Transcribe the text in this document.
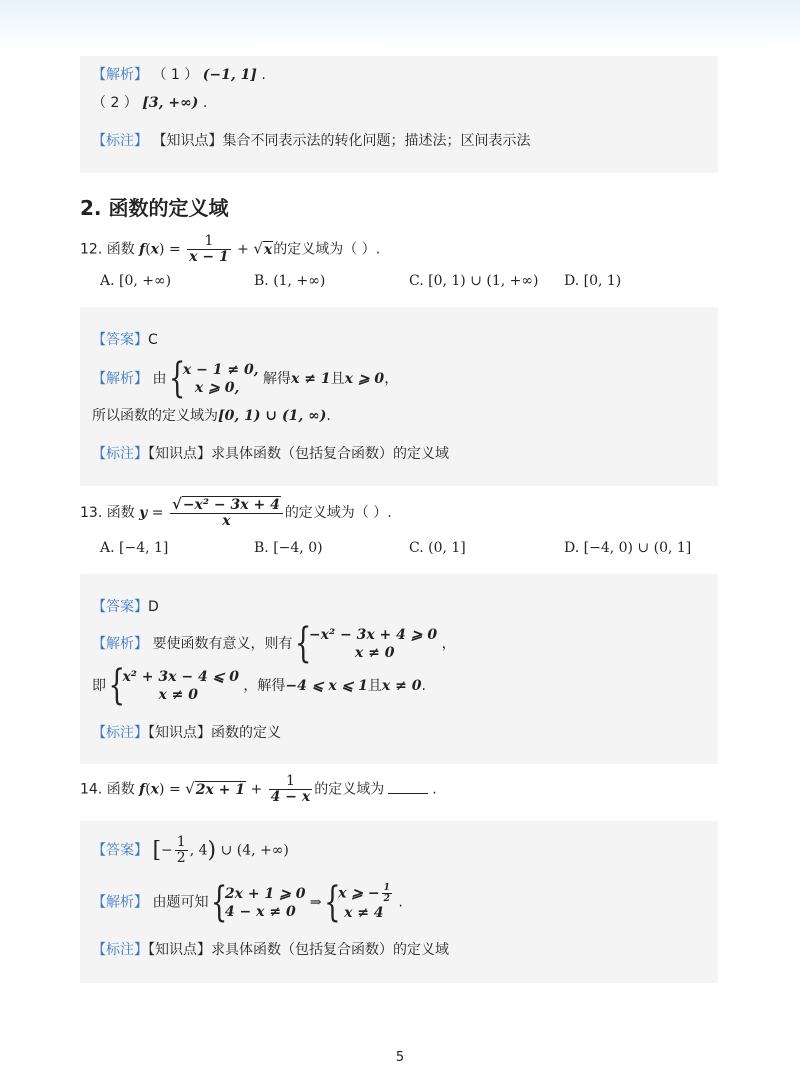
【解析】 （ 1 ） (−1, 1] .
（ 2 ） [3, +∞) .
【标注】 【知识点】集合不同表示法的转化问题；描述法；区间表示法
2. 函数的定义域
12. 函数 $f(x) = \frac{1}{x - 1} + √x$的定义域为（ ）.
A. [0, +∞)	B. (1, +∞)	C. [0, 1) ∪ (1, +∞) D. [0, 1)
【答案】C
【解析】 由 {
x − 1 ≠ 0,
x ⩾ 0,
解得x ≠ 1且x ⩾ 0，
所以函数的定义域为[0, 1) ∪ (1, ∞).
【标注】【知识点】求具体函数（包括复合函数）的定义域
13. 函数 $y = \frac{\text{√−x² − 3x + 4}}{x}$ 的定义域为（ ）.
A. [−4, 1]	B. [−4, 0)	C. (0, 1]	D. [−4, 0) ∪ (0, 1]
【答案】D
【解析】 要使函数有意义，则有 {
−x² − 3x + 4 ⩾ 0
x ≠ 0
，
即 {
x² + 3x − 4 ⩽ 0
x ≠ 0
，解得−4 ⩽ x ⩽ 1且x ≠ 0.
【标注】【知识点】函数的定义
14. 函数 $f(x) = √2x + 1 + \frac{1}{4 - x}$ 的定义域为	.
【答案】 [− $\frac{1}{2}$ , 4) ∪ (4, +∞)
【解析】 由题可知 {
2x + 1 ⩾ 0
4 − x ≠ 0
⇒ {
x ⩾ − $\frac{1}{2}$
x ≠ 4
.
【标注】【知识点】求具体函数（包括复合函数）的定义域
5
